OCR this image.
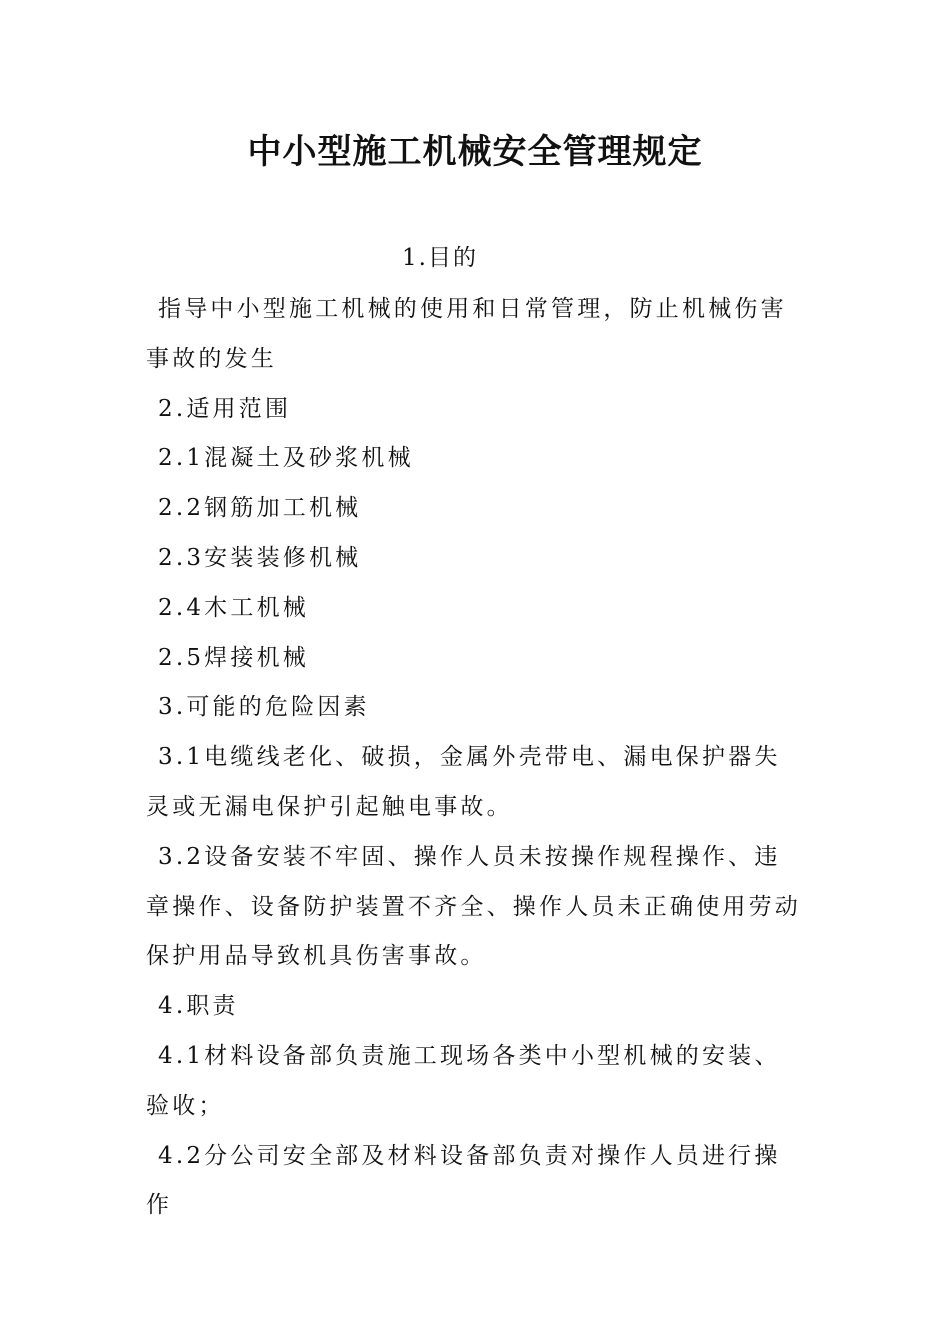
中小型施工机械安全管理规定

1.目的

指导中小型施工机械的使用和日常管理，防止机械伤害事故的发生

2.适用范围

2.1混凝土及砂浆机械

2.2钢筋加工机械

2.3安装装修机械

2.4木工机械

2.5焊接机械

3.可能的危险因素

3.1电缆线老化、破损，金属外壳带电、漏电保护器失灵或无漏电保护引起触电事故。

3.2设备安装不牢固、操作人员未按操作规程操作、违章操作、设备防护装置不齐全、操作人员未正确使用劳动保护用品导致机具伤害事故。

4.职责

4.1材料设备部负责施工现场各类中小型机械的安装、验收；

4.2分公司安全部及材料设备部负责对操作人员进行操作
